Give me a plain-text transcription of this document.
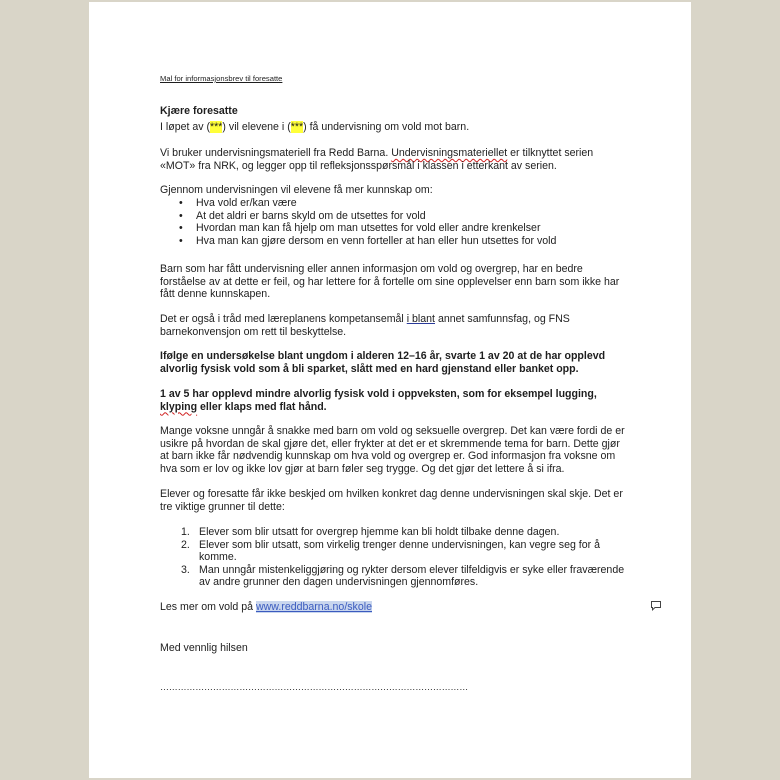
Mal for informasjonsbrev til foresatte

Kjære foresatte

I løpet av (***) vil elevene i (***) få undervisning om vold mot barn.

Vi bruker undervisningsmateriell fra Redd Barna. Undervisningsmateriellet er tilknyttet serien «MOT» fra NRK, og legger opp til refleksjonsspørsmål i klassen i etterkant av serien.

Gjennom undervisningen vil elevene få mer kunnskap om:

• Hva vold er/kan være
• At det aldri er barns skyld om de utsettes for vold
• Hvordan man kan få hjelp om man utsettes for vold eller andre krenkelser
• Hva man kan gjøre dersom en venn forteller at han eller hun utsettes for vold

Barn som har fått undervisning eller annen informasjon om vold og overgrep, har en bedre forståelse av at dette er feil, og har lettere for å fortelle om sine opplevelser enn barn som ikke har fått denne kunnskapen.

Det er også i tråd med læreplanens kompetansemål i blant annet samfunnsfag, og FNS barnekonvensjon om rett til beskyttelse.

Ifølge en undersøkelse blant ungdom i alderen 12–16 år, svarte 1 av 20 at de har opplevd alvorlig fysisk vold som å bli sparket, slått med en hard gjenstand eller banket opp.

1 av 5 har opplevd mindre alvorlig fysisk vold i oppveksten, som for eksempel lugging, klyping eller klaps med flat hånd.

Mange voksne unngår å snakke med barn om vold og seksuelle overgrep. Det kan være fordi de er usikre på hvordan de skal gjøre det, eller frykter at det er et skremmende tema for barn. Dette gjør at barn ikke får nødvendig kunnskap om hva vold og overgrep er. God informasjon fra voksne om hva som er lov og ikke lov gjør at barn føler seg trygge. Og det gjør det lettere å si ifra.

Elever og foresatte får ikke beskjed om hvilken konkret dag denne undervisningen skal skje. Det er tre viktige grunner til dette:

1. Elever som blir utsatt for overgrep hjemme kan bli holdt tilbake denne dagen.
2. Elever som blir utsatt, som virkelig trenger denne undervisningen, kan vegre seg for å komme.
3. Man unngår mistenkeliggjøring og rykter dersom elever tilfeldigvis er syke eller fraværende av andre grunner den dagen undervisningen gjennomføres.

Les mer om vold på www.reddbarna.no/skole

Med vennlig hilsen

……………………………………………………………………………………………
